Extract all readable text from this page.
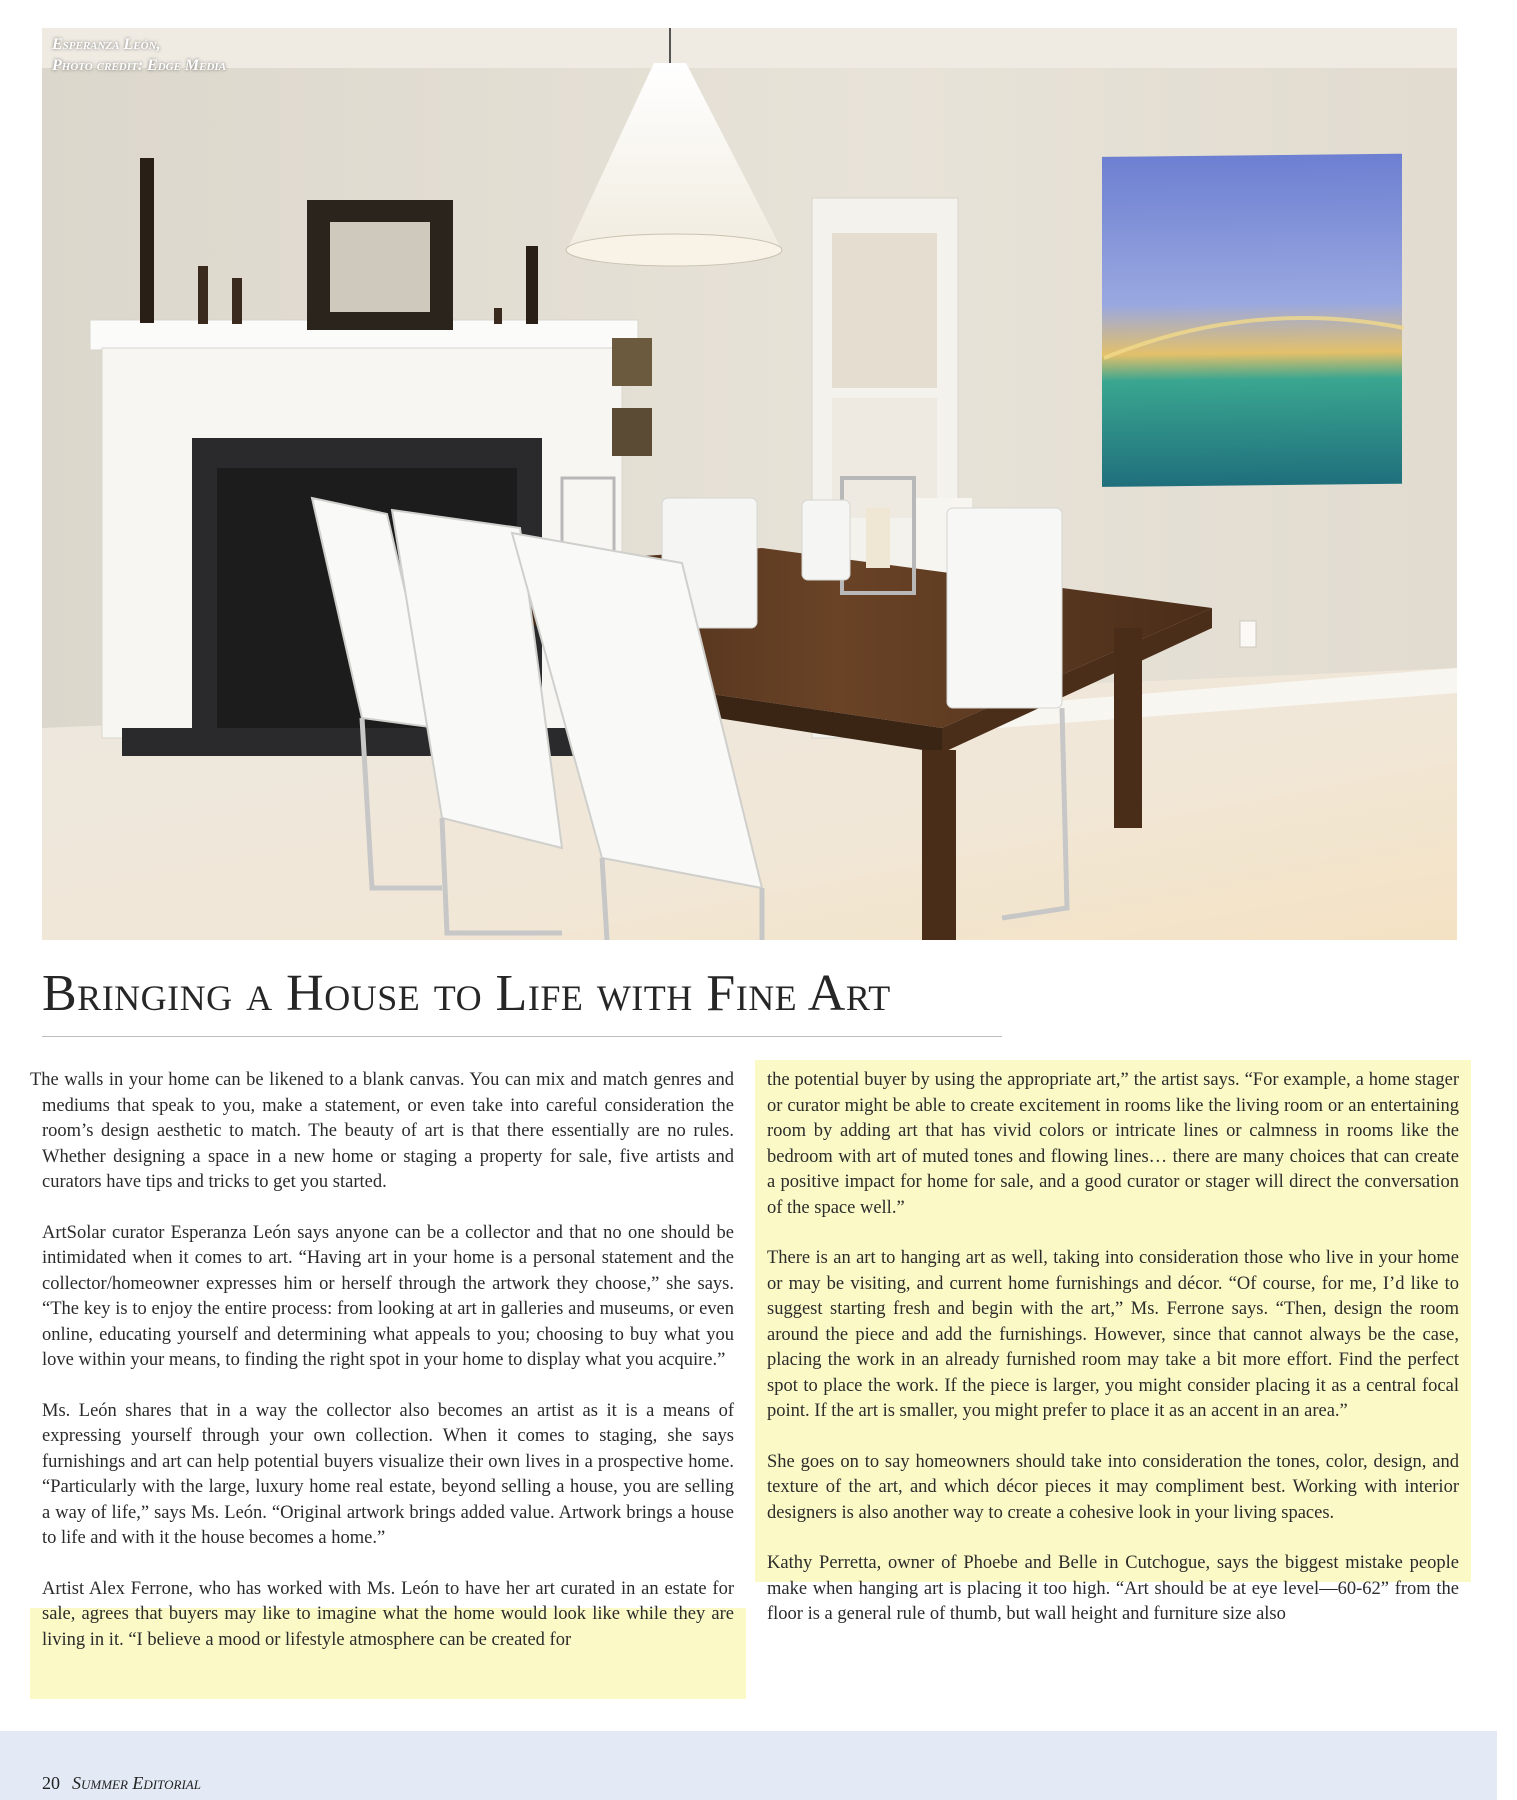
Esperanza León,
Photo credit: Edge Media
Bringing a House to Life with Fine Art

The walls in your home can be likened to a blank canvas. You can mix and match genres and mediums that speak to you, make a statement, or even take into careful consideration the room’s design aesthetic to match. The beauty of art is that there essentially are no rules. Whether designing a space in a new home or staging a property for sale, five artists and curators have tips and tricks to get you started.

ArtSolar curator Esperanza León says anyone can be a collector and that no one should be intimidated when it comes to art. “Having art in your home is a personal statement and the collector/homeowner expresses him or herself through the artwork they choose,” she says. “The key is to enjoy the entire process: from looking at art in galleries and museums, or even online, educating yourself and determining what appeals to you; choosing to buy what you love within your means, to finding the right spot in your home to display what you acquire.”

Ms. León shares that in a way the collector also becomes an artist as it is a means of expressing yourself through your own collection. When it comes to staging, she says furnishings and art can help potential buyers visualize their own lives in a prospective home. “Particularly with the large, luxury home real estate, beyond selling a house, you are selling a way of life,” says Ms. León. “Original artwork brings added value. Artwork brings a house to life and with it the house becomes a home.”

Artist Alex Ferrone, who has worked with Ms. León to have her art curated in an estate for sale, agrees that buyers may like to imagine what the home would look like while they are living in it. “I believe a mood or lifestyle atmosphere can be created for

the potential buyer by using the appropriate art,” the artist says. “For example, a home stager or curator might be able to create excitement in rooms like the living room or an entertaining room by adding art that has vivid colors or intricate lines or calmness in rooms like the bedroom with art of muted tones and flowing lines… there are many choices that can create a positive impact for home for sale, and a good curator or stager will direct the conversation of the space well.”

There is an art to hanging art as well, taking into consideration those who live in your home or may be visiting, and current home furnishings and décor. “Of course, for me, I’d like to suggest starting fresh and begin with the art,” Ms. Ferrone says. “Then, design the room around the piece and add the furnishings. However, since that cannot always be the case, placing the work in an already furnished room may take a bit more effort. Find the perfect spot to place the work. If the piece is larger, you might consider placing it as a central focal point. If the art is smaller, you might prefer to place it as an accent in an area.”

She goes on to say homeowners should take into consideration the tones, color, design, and texture of the art, and which décor pieces it may compliment best. Working with interior designers is also another way to create a cohesive look in your living spaces.

Kathy Perretta, owner of Phoebe and Belle in Cutchogue, says the biggest mistake people make when hanging art is placing it too high. “Art should be at eye level—60-62” from the floor is a general rule of thumb, but wall height and furniture size also

20 Summer Editorial
